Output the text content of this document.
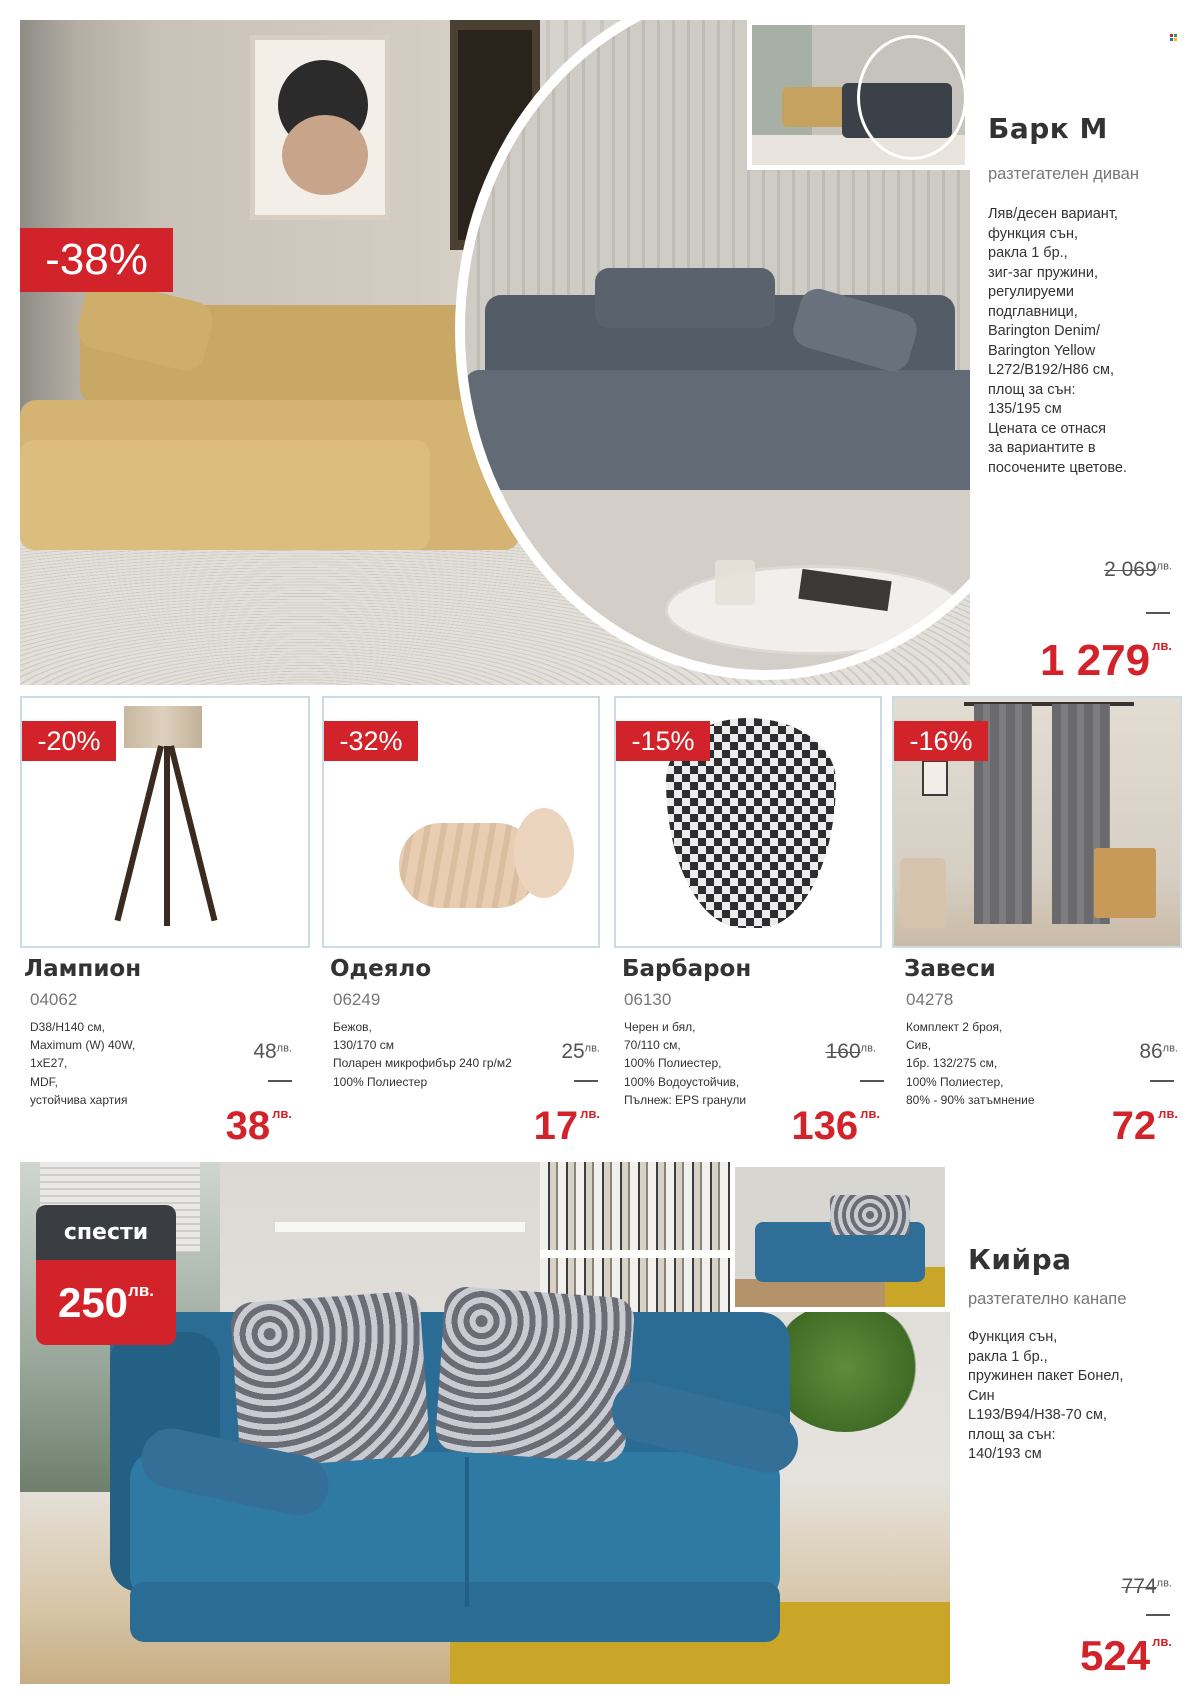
-38%
Барк М
разтегателен диван
Ляв/десен вариант,
функция сън,
ракла 1 бр.,
зиг-заг пружини,
регулируеми
подглавници,
Barington Denim/
Barington Yellow
L272/B192/H86 см,
площ за сън:
135/195 см
Цената се отнася
за вариантите в
посочените цветове.
2 $069^{лв.}$
1 279 $^{лв.}$
-20%
Лампион
04062
D38/H140 см,
Maximum (W) 40W,
1xE27,
MDF,
устойчива хартия
$48^{лв.}$
38 $^{лв.}$
-32%
Одеяло
06249
Бежов,
130/170 см
Поларен микрофибър 240 гр/м2
100% Полиестер
$25^{лв.}$
17 $^{лв.}$
-15%
Барбарон
06130
Черен и бял,
70/110 см,
100% Полиестер,
100% Водоустойчив,
Пълнеж: EPS гранули
$160^{лв.}$
136 $^{лв.}$
-16%
Завеси
04278
Комплект 2 броя,
Сив,
1бр. 132/275 см,
100% Полиестер,
80% - 90% затъмнение
$86^{лв.}$
72 $^{лв.}$
спести
$250^{лв.}$
Кийра
разтегателно канапе
Функция сън,
ракла 1 бр.,
пружинен пакет Бонел,
Син
L193/B94/H38-70 см,
площ за сън:
140/193 см
$774^{лв.}$
524 $^{лв.}$
